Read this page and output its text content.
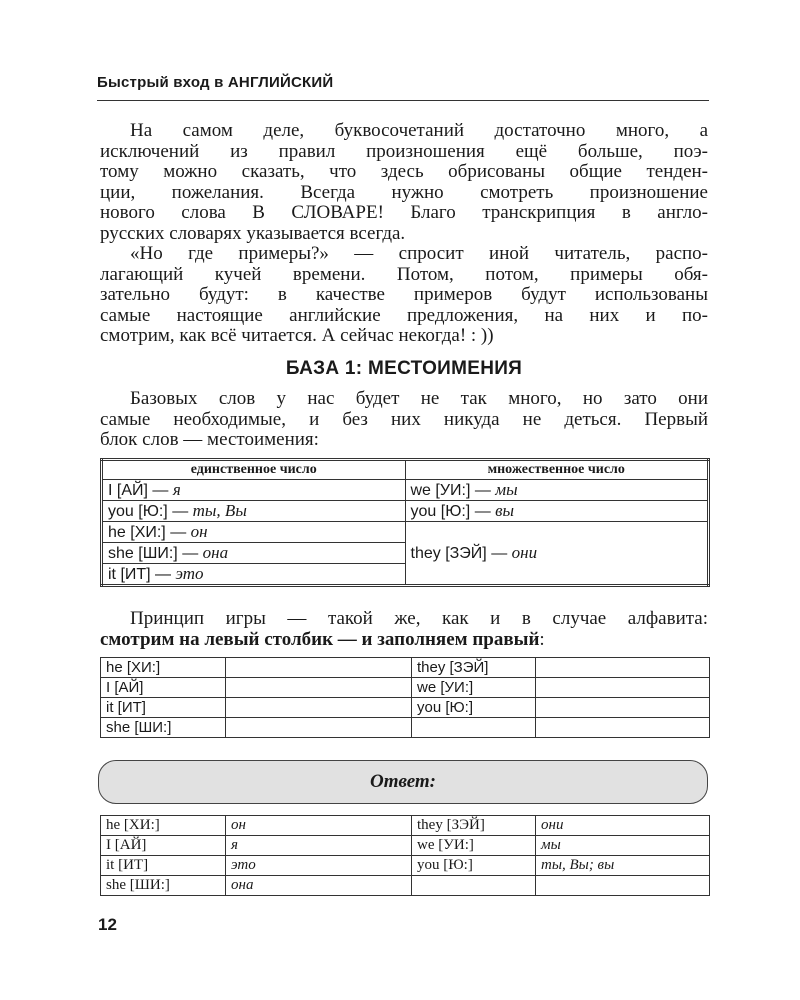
Быстрый вход в АНГЛИЙСКИЙ
На самом деле, буквосочетаний достаточно много, а
исключений из правил произношения ещё больше, поэ-
тому можно сказать, что здесь обрисованы общие тенден-
ции, пожелания. Всегда нужно смотреть произношение
нового слова В СЛОВАРЕ! Благо транскрипция в англо-
русских словарях указывается всегда.
«Но где примеры?» — спросит иной читатель, распо-
лагающий кучей времени. Потом, потом, примеры обя-
зательно будут: в качестве примеров будут использованы
самые настоящие английские предложения, на них и по-
смотрим, как всё читается. А сейчас некогда! : ))
БАЗА 1: МЕСТОИМЕНИЯ
Базовых слов у нас будет не так много, но зато они
самые необходимые, и без них никуда не деться. Первый
блок слов — местоимения:
единственное число	множественное число
I [АЙ] — я	we [УИ:] — мы
you [Ю:] — ты, Вы	you [Ю:] — вы
he [ХИ:] — он	they [ЗЭЙ] — они
she [ШИ:] — она	
it [ИТ] — это	
Принцип игры — такой же, как и в случае алфавита:
смотрим на левый столбик — и заполняем правый:
he [ХИ:]		they [ЗЭЙ]	
I [АЙ]		we [УИ:]	
it [ИТ]		you [Ю:]	
she [ШИ:]			
Ответ:
he [ХИ:]	он	they [ЗЭЙ]	они
I [АЙ]	я	we [УИ:]	мы
it [ИТ]	это	you [Ю:]	ты, Вы; вы
she [ШИ:]	она		
12
